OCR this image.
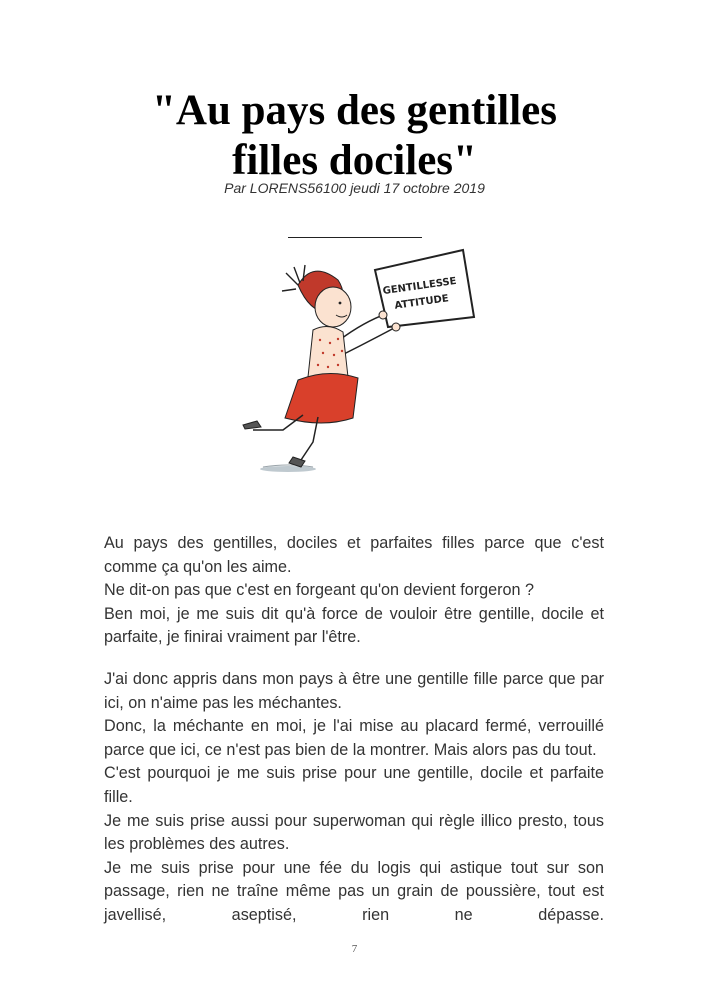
"Au pays des gentilles
filles dociles"
Par LORENS56100 jeudi 17 octobre 2019
GENTILLESSE
ATTITUDE

Au pays des gentilles, dociles et parfaites filles parce que c'est comme ça qu'on les aime.

Ne dit-on pas que c'est en forgeant qu'on devient forgeron ?

Ben moi, je me suis dit qu'à force de vouloir être gentille, docile et parfaite, je finirai vraiment par l'être.

J'ai donc appris dans mon pays à être une gentille fille parce que par ici, on n'aime pas les méchantes.

Donc, la méchante en moi, je l'ai mise au placard fermé, verrouillé parce que ici, ce n'est pas bien de la montrer. Mais alors pas du tout.

C'est pourquoi je me suis prise pour une gentille, docile et parfaite fille.

Je me suis prise aussi pour superwoman qui règle illico presto, tous les problèmes des autres.

Je me suis prise pour une fée du logis qui astique tout sur son passage, rien ne traîne même pas un grain de poussière, tout est javellisé, aseptisé, rien ne dépasse.

7
